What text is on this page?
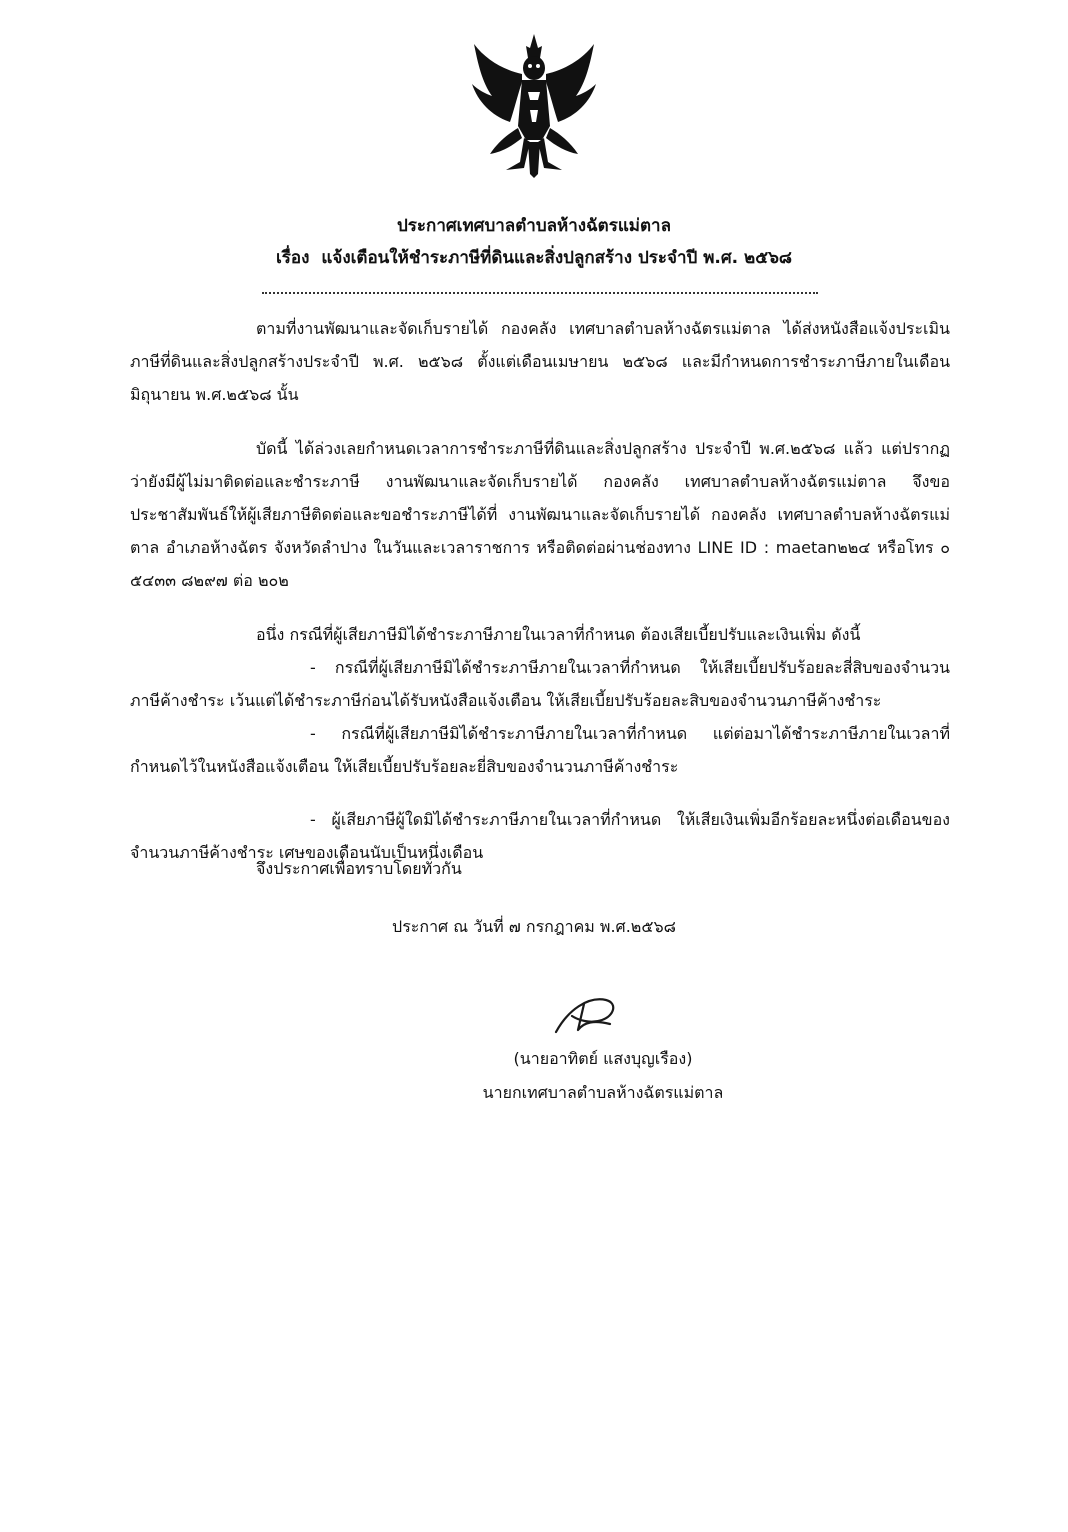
ประกาศเทศบาลตำบลห้างฉัตรแม่ตาล
เรื่อง แจ้งเตือนให้ชำระภาษีที่ดินและสิ่งปลูกสร้าง ประจำปี พ.ศ. ๒๕๖๘

ตามที่งานพัฒนาและจัดเก็บรายได้ กองคลัง เทศบาลตำบลห้างฉัตรแม่ตาล ได้ส่งหนังสือแจ้งประเมินภาษีที่ดินและสิ่งปลูกสร้างประจำปี พ.ศ. ๒๕๖๘ ตั้งแต่เดือนเมษายน ๒๕๖๘ และมีกำหนดการชำระภาษีภายในเดือนมิถุนายน พ.ศ.๒๕๖๘ นั้น

บัดนี้ ได้ล่วงเลยกำหนดเวลาการชำระภาษีที่ดินและสิ่งปลูกสร้าง ประจำปี พ.ศ.๒๕๖๘ แล้ว แต่ปรากฏว่ายังมีผู้ไม่มาติดต่อและชำระภาษี งานพัฒนาและจัดเก็บรายได้ กองคลัง เทศบาลตำบลห้างฉัตรแม่ตาล จึงขอประชาสัมพันธ์ให้ผู้เสียภาษีติดต่อและขอชำระภาษีได้ที่ งานพัฒนาและจัดเก็บรายได้ กองคลัง เทศบาลตำบลห้างฉัตรแม่ตาล อำเภอห้างฉัตร จังหวัดลำปาง ในวันและเวลาราชการ หรือติดต่อผ่านช่องทาง LINE ID : maetan๒๒๔ หรือโทร ๐ ๕๔๓๓ ๘๒๙๗ ต่อ ๒๐๒

อนึ่ง กรณีที่ผู้เสียภาษีมิได้ชำระภาษีภายในเวลาที่กำหนด ต้องเสียเบี้ยปรับและเงินเพิ่ม ดังนี้

- กรณีที่ผู้เสียภาษีมิได้ชำระภาษีภายในเวลาที่กำหนด ให้เสียเบี้ยปรับร้อยละสี่สิบของจำนวนภาษีค้างชำระ เว้นแต่ได้ชำระภาษีก่อนได้รับหนังสือแจ้งเตือน ให้เสียเบี้ยปรับร้อยละสิบของจำนวนภาษีค้างชำระ

- กรณีที่ผู้เสียภาษีมิได้ชำระภาษีภายในเวลาที่กำหนด แต่ต่อมาได้ชำระภาษีภายในเวลาที่กำหนดไว้ในหนังสือแจ้งเตือน ให้เสียเบี้ยปรับร้อยละยี่สิบของจำนวนภาษีค้างชำระ

- ผู้เสียภาษีผู้ใดมิได้ชำระภาษีภายในเวลาที่กำหนด ให้เสียเงินเพิ่มอีกร้อยละหนึ่งต่อเดือนของจำนวนภาษีค้างชำระ เศษของเดือนนับเป็นหนึ่งเดือน

จึงประกาศเพื่อทราบโดยทั่วกัน
ประกาศ ณ วันที่ ๗ กรกฎาคม พ.ศ.๒๕๖๘
(นายอาทิตย์ แสงบุญเรือง)
นายกเทศบาลตำบลห้างฉัตรแม่ตาล
